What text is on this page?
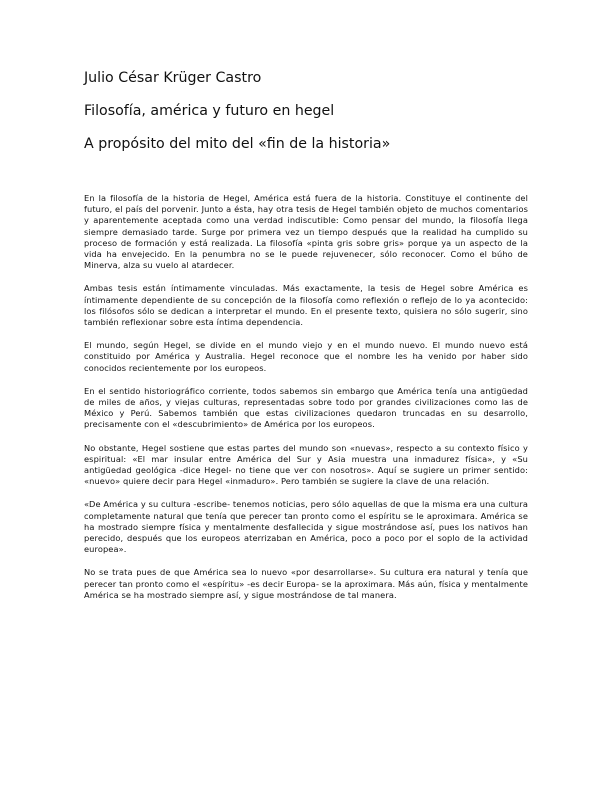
Julio César Krüger Castro

Filosofía, américa y futuro en hegel

A propósito del mito del «fin de la historia»

En la filosofía de la historia de Hegel, América está fuera de la historia. Constituye el continente del futuro, el país del porvenir. Junto a ésta, hay otra tesis de Hegel también objeto de muchos comentarios y aparentemente aceptada como una verdad indiscutible: Como pensar del mundo, la filosofía llega siempre demasiado tarde. Surge por primera vez un tiempo después que la realidad ha cumplido su proceso de formación y está realizada. La filosofía «pinta gris sobre gris» porque ya un aspecto de la vida ha envejecido. En la penumbra no se le puede rejuvenecer, sólo reconocer. Como el búho de Minerva, alza su vuelo al atardecer.

Ambas tesis están íntimamente vinculadas. Más exactamente, la tesis de Hegel sobre América es íntimamente dependiente de su concepción de la filosofía como reflexión o reflejo de lo ya acontecido: los filósofos sólo se dedican a interpretar el mundo. En el presente texto, quisiera no sólo sugerir, sino también reflexionar sobre esta íntima dependencia.

El mundo, según Hegel, se divide en el mundo viejo y en el mundo nuevo. El mundo nuevo está constituido por América y Australia. Hegel reconoce que el nombre les ha venido por haber sido conocidos recientemente por los europeos.

En el sentido historiográfico corriente, todos sabemos sin embargo que América tenía una antigüedad de miles de años, y viejas culturas, representadas sobre todo por grandes civilizaciones como las de México y Perú. Sabemos también que estas civilizaciones quedaron truncadas en su desarrollo, precisamente con el «descubrimiento» de América por los europeos.

No obstante, Hegel sostiene que estas partes del mundo son «nuevas», respecto a su contexto físico y espiritual: «El mar insular entre América del Sur y Asia muestra una inmadurez física», y «Su antigüedad geológica -dice Hegel- no tiene que ver con nosotros». Aquí se sugiere un primer sentido: «nuevo» quiere decir para Hegel «inmaduro». Pero también se sugiere la clave de una relación.

«De América y su cultura -escribe- tenemos noticias, pero sólo aquellas de que la misma era una cultura completamente natural que tenía que perecer tan pronto como el espíritu se le aproximara. América se ha mostrado siempre física y mentalmente desfallecida y sigue mostrándose así, pues los nativos han perecido, después que los europeos aterrizaban en América, poco a poco por el soplo de la actividad europea».

No se trata pues de que América sea lo nuevo «por desarrollarse». Su cultura era natural y tenía que perecer tan pronto como el «espíritu» -es decir Europa- se la aproximara. Más aún, física y mentalmente América se ha mostrado siempre así, y sigue mostrándose de tal manera.
